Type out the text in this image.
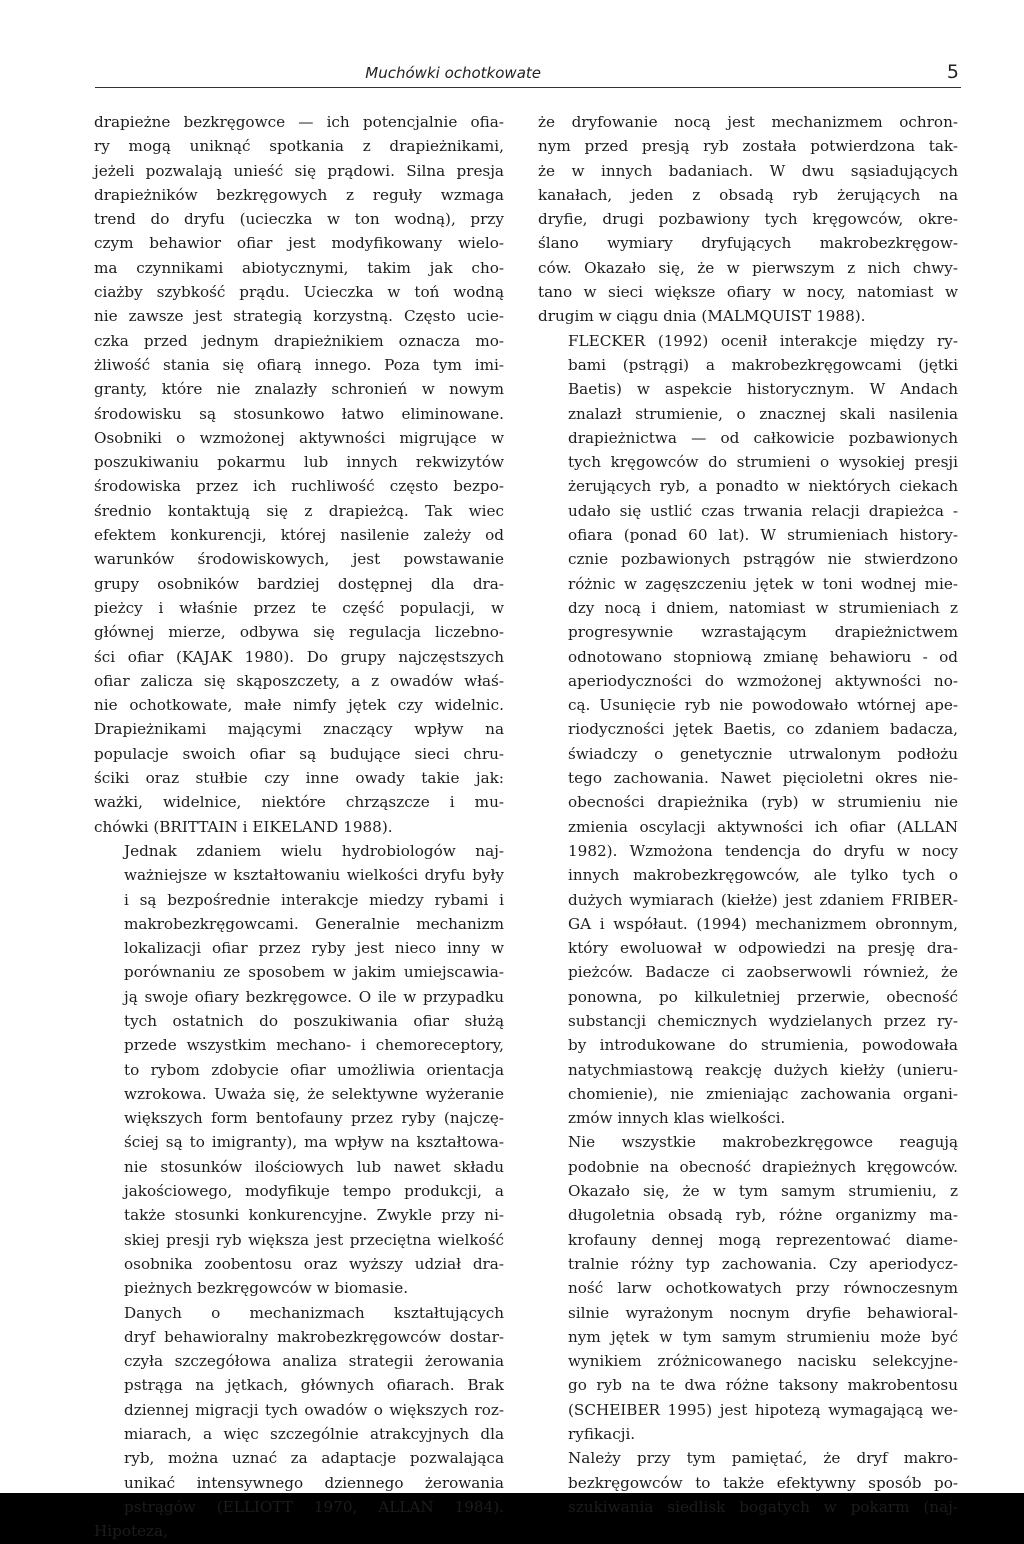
Muchówki ochotkowate	5

drapieżne bezkręgowce — ich potencjalnie ofia-
ry mogą uniknąć spotkania z drapieżnikami,
jeżeli pozwalają unieść się prądowi. Silna presja
drapieżników bezkręgowych z reguły wzmaga
trend do dryfu (ucieczka w ton wodną), przy
czym behawior ofiar jest modyfikowany wielo-
ma czynnikami abiotycznymi, takim jak cho-
ciażby szybkość prądu. Ucieczka w toń wodną
nie zawsze jest strategią korzystną. Często ucie-
czka przed jednym drapieżnikiem oznacza mo-
żliwość stania się ofiarą innego. Poza tym imi-
granty, które nie znalazły schronień w nowym
środowisku są stosunkowo łatwo eliminowane.
Osobniki o wzmożonej aktywności migrujące w
poszukiwaniu pokarmu lub innych rekwizytów
środowiska przez ich ruchliwość często bezpo-
średnio kontaktują się z drapieżcą. Tak wiec
efektem konkurencji, której nasilenie zależy od
warunków środowiskowych, jest powstawanie
grupy osobników bardziej dostępnej dla dra-
pieżcy i właśnie przez te część populacji, w
głównej mierze, odbywa się regulacja liczebno-
ści ofiar (KAJAK 1980). Do grupy najczęstszych
ofiar zalicza się skąposzczety, a z owadów właś-
nie ochotkowate, małe nimfy jętek czy widelnic.
Drapieżnikami mającymi znaczący wpływ na
populacje swoich ofiar są budujące sieci chru-
ściki oraz stułbie czy inne owady takie jak:
ważki, widelnice, niektóre chrząszcze i mu-
chówki (BRITTAIN i EIKELAND 1988).

Jednak zdaniem wielu hydrobiologów naj-
ważniejsze w kształtowaniu wielkości dryfu były
i są bezpośrednie interakcje miedzy rybami i
makrobezkręgowcami. Generalnie mechanizm
lokalizacji ofiar przez ryby jest nieco inny w
porównaniu ze sposobem w jakim umiejscawia-
ją swoje ofiary bezkręgowce. O ile w przypadku
tych ostatnich do poszukiwania ofiar służą
przede wszystkim mechano- i chemoreceptory,
to rybom zdobycie ofiar umożliwia orientacja
wzrokowa. Uważa się, że selektywne wyżeranie
większych form bentofauny przez ryby (najczę-
ściej są to imigranty), ma wpływ na kształtowa-
nie stosunków ilościowych lub nawet składu
jakościowego, modyfikuje tempo produkcji, a
także stosunki konkurencyjne. Zwykle przy ni-
skiej presji ryb większa jest przeciętna wielkość
osobnika zoobentosu oraz wyższy udział dra-
pieżnych bezkręgowców w biomasie.

Danych o mechanizmach kształtujących
dryf behawioralny makrobezkręgowców dostar-
czyła szczegółowa analiza strategii żerowania
pstrąga na jętkach, głównych ofiarach. Brak
dziennej migracji tych owadów o większych roz-
miarach, a więc szczególnie atrakcyjnych dla
ryb, można uznać za adaptacje pozwalająca
unikać intensywnego dziennego żerowania
pstrągów (ELLIOTT 1970, ALLAN 1984). Hipoteza,

że dryfowanie nocą jest mechanizmem ochron-
nym przed presją ryb została potwierdzona tak-
że w innych badaniach. W dwu sąsiadujących
kanałach, jeden z obsadą ryb żerujących na
dryfie, drugi pozbawiony tych kręgowców, okre-
ślano wymiary dryfujących makrobezkręgow-
ców. Okazało się, że w pierwszym z nich chwy-
tano w sieci większe ofiary w nocy, natomiast w
drugim w ciągu dnia (MALMQUIST 1988).

FLECKER (1992) ocenił interakcje między ry-
bami (pstrągi) a makrobezkręgowcami (jętki
Baetis) w aspekcie historycznym. W Andach
znalazł strumienie, o znacznej skali nasilenia
drapieżnictwa — od całkowicie pozbawionych
tych kręgowców do strumieni o wysokiej presji
żerujących ryb, a ponadto w niektórych ciekach
udało się ustlić czas trwania relacji drapieżca -
ofiara (ponad 60 lat). W strumieniach history-
cznie pozbawionych pstrągów nie stwierdzono
różnic w zagęszczeniu jętek w toni wodnej mie-
dzy nocą i dniem, natomiast w strumieniach z
progresywnie wzrastającym drapieżnictwem
odnotowano stopniową zmianę behawioru - od
aperiodyczności do wzmożonej aktywności no-
cą. Usunięcie ryb nie powodowało wtórnej ape-
riodyczności jętek Baetis, co zdaniem badacza,
świadczy o genetycznie utrwalonym podłożu
tego zachowania. Nawet pięcioletni okres nie-
obecności drapieżnika (ryb) w strumieniu nie
zmienia oscylacji aktywności ich ofiar (ALLAN
1982). Wzmożona tendencja do dryfu w nocy
innych makrobezkręgowców, ale tylko tych o
dużych wymiarach (kiełże) jest zdaniem FRIBER-
GA i współaut. (1994) mechanizmem obronnym,
który ewoluował w odpowiedzi na presję dra-
pieżców. Badacze ci zaobserwowli również, że
ponowna, po kilkuletniej przerwie, obecność
substancji chemicznych wydzielanych przez ry-
by introdukowane do strumienia, powodowała
natychmiastową reakcję dużych kiełży (unieru-
chomienie), nie zmieniając zachowania organi-
zmów innych klas wielkości.

Nie wszystkie makrobezkręgowce reagują
podobnie na obecność drapieżnych kręgowców.
Okazało się, że w tym samym strumieniu, z
długoletnia obsadą ryb, różne organizmy ma-
krofauny dennej mogą reprezentować diame-
tralnie różny typ zachowania. Czy aperiodycz-
ność larw ochotkowatych przy równoczesnym
silnie wyrażonym nocnym dryfie behawioral-
nym jętek w tym samym strumieniu może być
wynikiem zróżnicowanego nacisku selekcyjne-
go ryb na te dwa różne taksony makrobentosu
(SCHEIBER 1995) jest hipotezą wymagającą we-
ryfikacji.

Należy przy tym pamiętać, że dryf makro-
bezkręgowców to także efektywny sposób po-
szukiwania siedlisk bogatych w pokarm (naj-
